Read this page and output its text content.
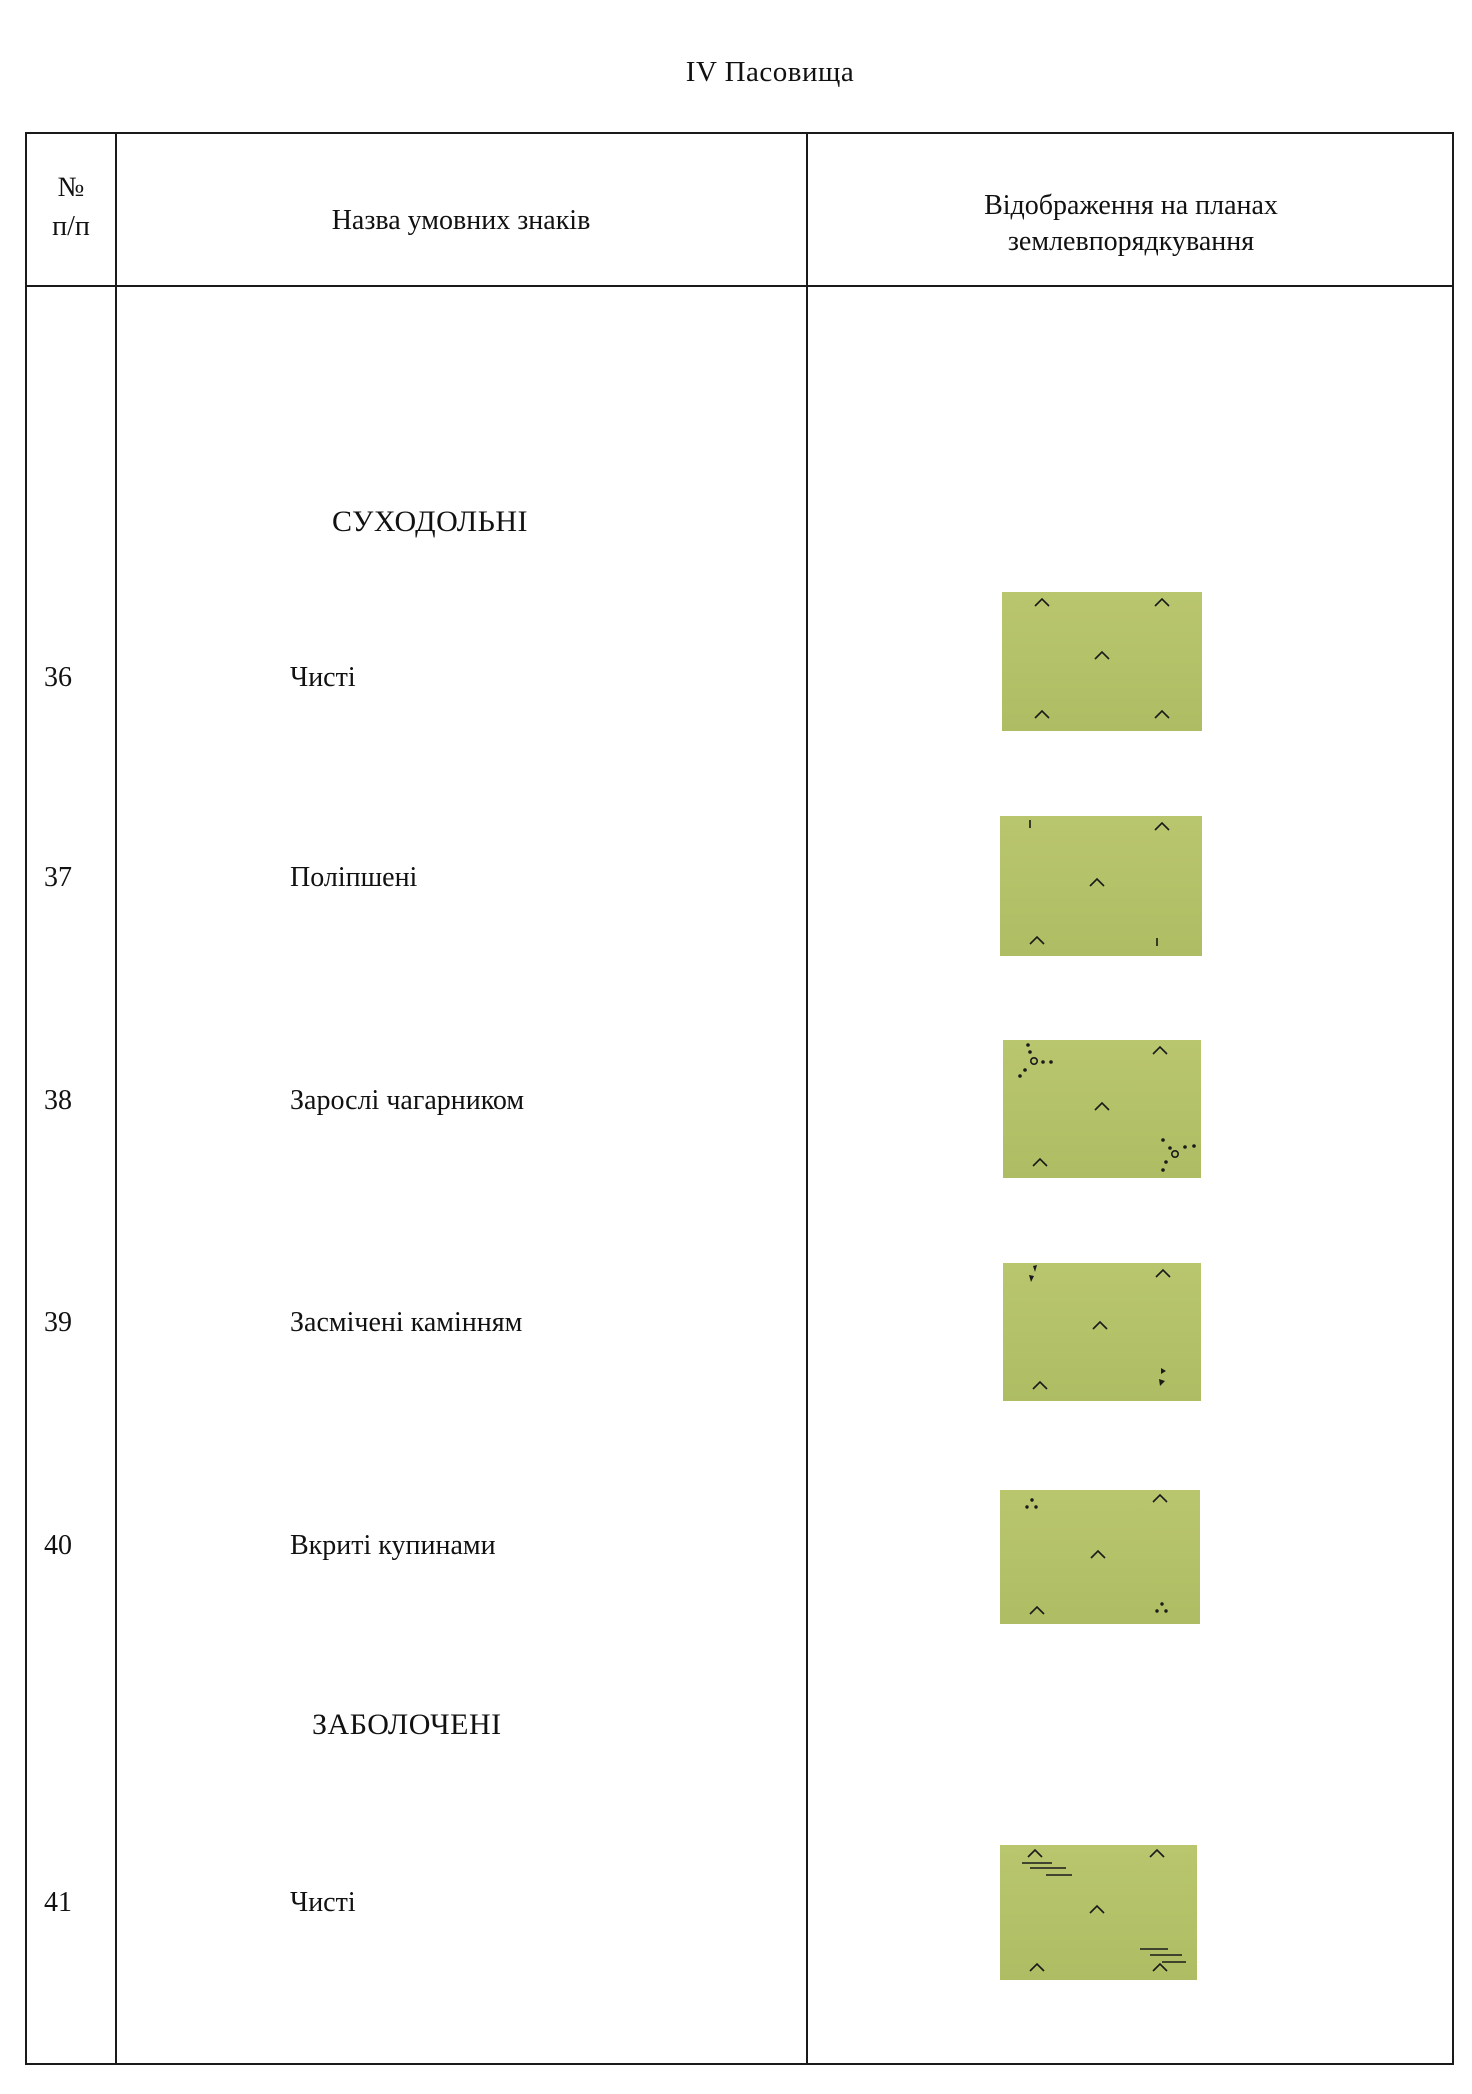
IV Пасовища
№
п/п	Назва умовних знаків	Відображення на планах
землевпорядкування
СУХОДОЛЬНІ
36	Чисті
37	Поліпшені
38	Зарослі чагарником
39	Засмічені камінням
40	Вкриті купинами
ЗАБОЛОЧЕНІ
41	Чисті
